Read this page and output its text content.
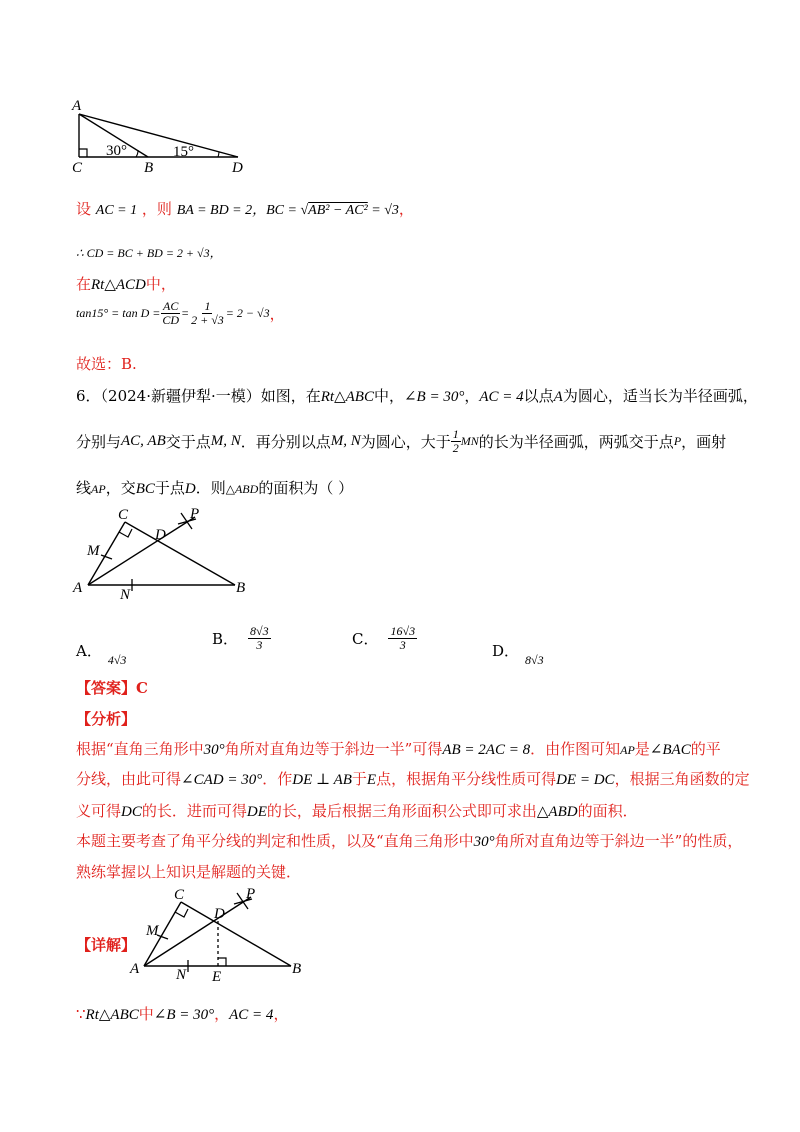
A
C	B	D
30°	15°
设 AC = 1 ，则 BA = BD = 2，BC = √AB² − AC² = √3，
∴ CD = BC + BD = 2 + √3，
在Rt△ACD中，
$\tan 15^\circ = \tan D = \frac{AC}{CD} = \frac{1}{2 + √3} = 2 - √3$ ，
故选：B.
6．（2024·新疆伊犁·一模）如图，在Rt△ABC中，∠B = 30°，AC = 4以点A为圆心，适当长为半径画弧，
分别与 AC, AB 交于点 M, N ．再分别以点 M, N 为圆心，大于 $\frac{1}{2}$ MN 的长为半径画弧，两弧交于点 P ，画射
线AP，交BC于点D．则△ABD的面积为（ ）
C	P
D
M
A	N	B
A． 4√3
B． $\frac{8√3}{3}$	C． $\frac{16√3}{3}$	D． 8√3
【答案】C
【分析】
根据“直角三角形中30°角所对直角边等于斜边一半”可得AB = 2AC = 8．由作图可知AP是∠BAC的平
分线，由此可得∠CAD = 30°．作DE ⊥ AB于E点，根据角平分线性质可得DE = DC，根据三角函数的定
义可得DC的长．进而可得DE的长，最后根据三角形面积公式即可求出△ABD的面积．
本题主要考查了角平分线的判定和性质，以及“直角三角形中30°角所对直角边等于斜边一半”的性质，
熟练掌握以上知识是解题的关键．
【详解】
C	P
D
M
A N E	B
∵Rt△ABC中∠B = 30°，AC = 4，
